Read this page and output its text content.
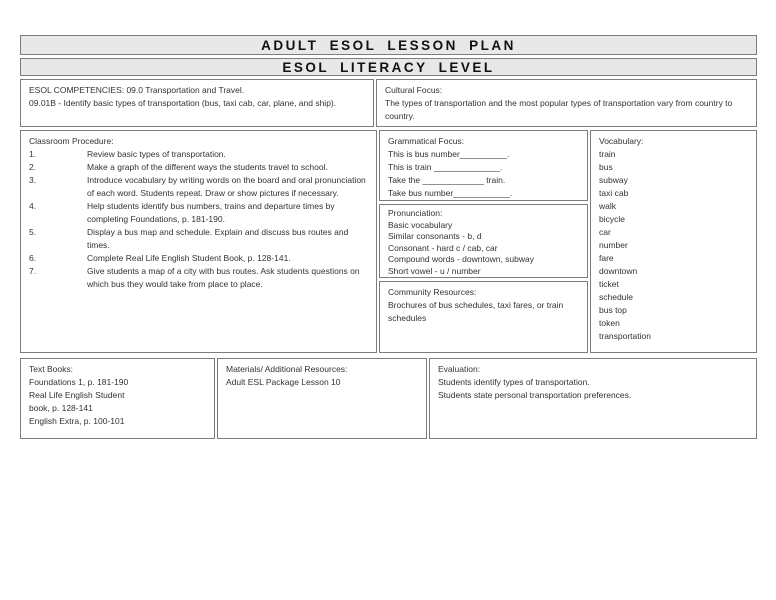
ADULT ESOL LESSON PLAN
ESOL LITERACY LEVEL
ESOL COMPETENCIES: 09.0 Transportation and Travel.
09.01B - Identify basic types of transportation (bus, taxi cab, car, plane, and ship).
Cultural Focus:
The types of transportation and the most popular types of transportation vary from country to country.
Classroom Procedure:
1.	Review basic types of transportation.
2.	Make a graph of the different ways the students travel to school.
3.	Introduce vocabulary by writing words on the board and oral pronunciation of each word. Students repeat. Draw or show pictures if necessary.
4.	Help students identify bus numbers, trains and departure times by completing Foundations, p. 181-190.
5.	Display a bus map and schedule. Explain and discuss bus routes and times.
6.	Complete Real Life English Student Book, p. 128-141.
7.	Give students a map of a city with bus routes. Ask students questions on which bus they would take from place to place.
Grammatical Focus:
This is bus number__________.
This is train ______________.
Take the _____________ train.
Take bus number____________.
Pronunciation:
Basic vocabulary
Similar consonants - b, d
Consonant - hard c / cab, car
Compound words - downtown, subway
Short vowel - u / number
Community Resources:
Brochures of bus schedules, taxi fares, or train schedules
Vocabulary:
train
bus
subway
taxi cab
walk
bicycle
car
number
fare
downtown
ticket
schedule
bus top
token
transportation
Text Books:
Foundations 1, p. 181-190
Real Life English Student
book, p. 128-141
English Extra, p. 100-101
Materials/ Additional Resources:
Adult ESL Package Lesson 10
Evaluation:
Students identify types of transportation.
Students state personal transportation preferences.
